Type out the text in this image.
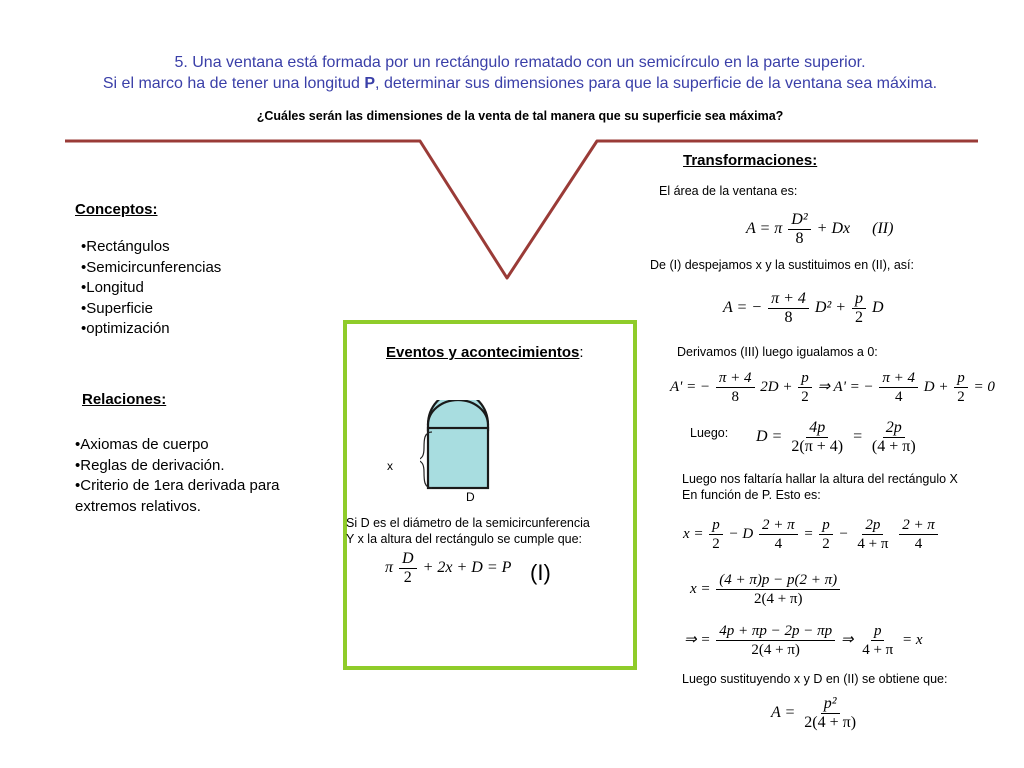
5. Una ventana está formada por un rectángulo rematado con un semicírculo en la parte superior.
Si el marco ha de tener una longitud P, determinar sus dimensiones para que la superficie de la ventana sea máxima.
¿Cuáles serán las dimensiones de la venta de tal manera que su superficie sea máxima?
Conceptos:
•Rectángulos
•Semicircunferencias
•Longitud
•Superficie
•optimización
Relaciones:
•Axiomas de cuerpo
•Reglas de derivación.
•Criterio de 1era derivada para extremos relativos.
Eventos y acontecimientos:
x
D
Si D es el diámetro de la semicircunferencia
Y x la altura del rectángulo se cumple que:
π $\frac{D}{2} + 2x + D = P$ (I)
Transformaciones:
El área de la ventana es:
A = π $\frac{\text{D²}}{8} + Dx$ (II)
De (I) despejamos x y la sustituimos en (II), así:
A = − $\frac{\pi + 4}{8} D^2 + \frac{p}{2}$ D
Derivamos (III) luego igualamos a 0:
A' = − $\frac{\pi + 4}{8} 2D + \frac{p}{2}$ ⇒ A' = − $\frac{\pi + 4}{4}$ $D + \frac{p}{2} = 0$
Luego: $D = \frac{4p}{2(\pi + 4)} = \frac{2p}{(4 + \pi)}$
Luego nos faltaría hallar la altura del rectángulo X
En función de P. Esto es:
$x = \frac{p}{2} - D \frac{2 + \pi}{4} = \frac{p}{2} - \frac{2p}{4 + \pi}$
$\frac{2 + \pi}{4}$
$x = \frac{(4 + \pi)p - p(2 + \pi)}{2(4 + \pi)}$
⇒ = $\frac{4p + \pi p - 2p - \pi p}{2(4 + \pi)}$ ⇒ $\frac{p}{4 + \pi} = x$
Luego sustituyendo x y D en (II) se obtiene que:
$A = \frac{\text{p²}}{2(4 + \pi)}$
